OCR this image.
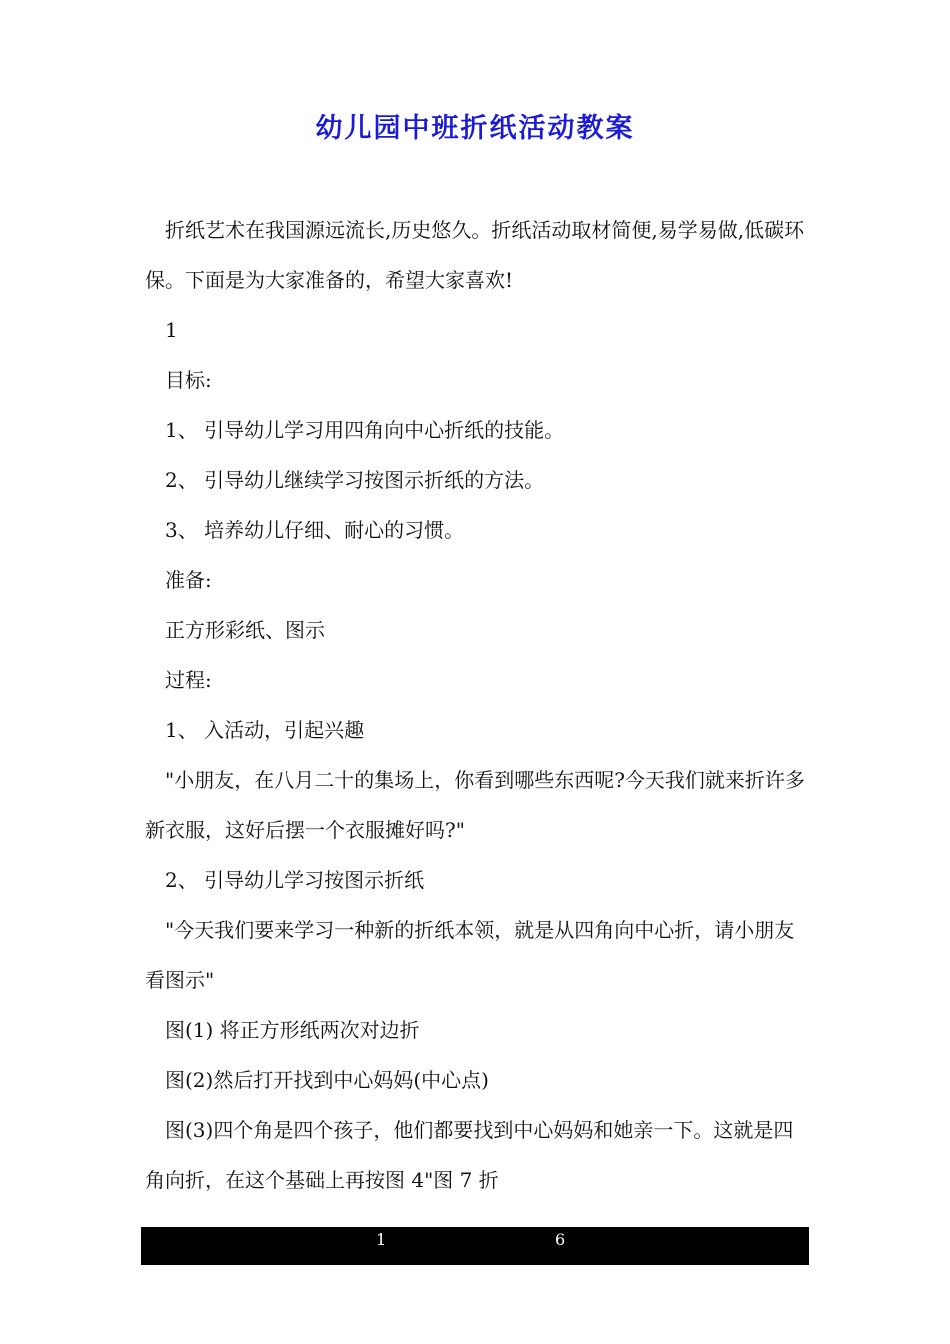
幼儿园中班折纸活动教案

折纸艺术在我国源远流长,历史悠久。折纸活动取材简便,易学易做,低碳环保。下面是为大家准备的，希望大家喜欢!

1

目标:

1、 引导幼儿学习用四角向中心折纸的技能。

2、 引导幼儿继续学习按图示折纸的方法。

3、 培养幼儿仔细、耐心的习惯。

准备:

正方形彩纸、图示

过程:

1、 入活动，引起兴趣

"小朋友，在八月二十的集场上，你看到哪些东西呢?今天我们就来折许多新衣服，这好后摆一个衣服摊好吗?"

2、 引导幼儿学习按图示折纸

"今天我们要来学习一种新的折纸本领，就是从四角向中心折，请小朋友看图示"

图(1) 将正方形纸两次对边折

图(2)然后打开找到中心妈妈(中心点)

图(3)四个角是四个孩子，他们都要找到中心妈妈和她亲一下。这就是四角向折，在这个基础上再按图 4"图 7 折

1	6
